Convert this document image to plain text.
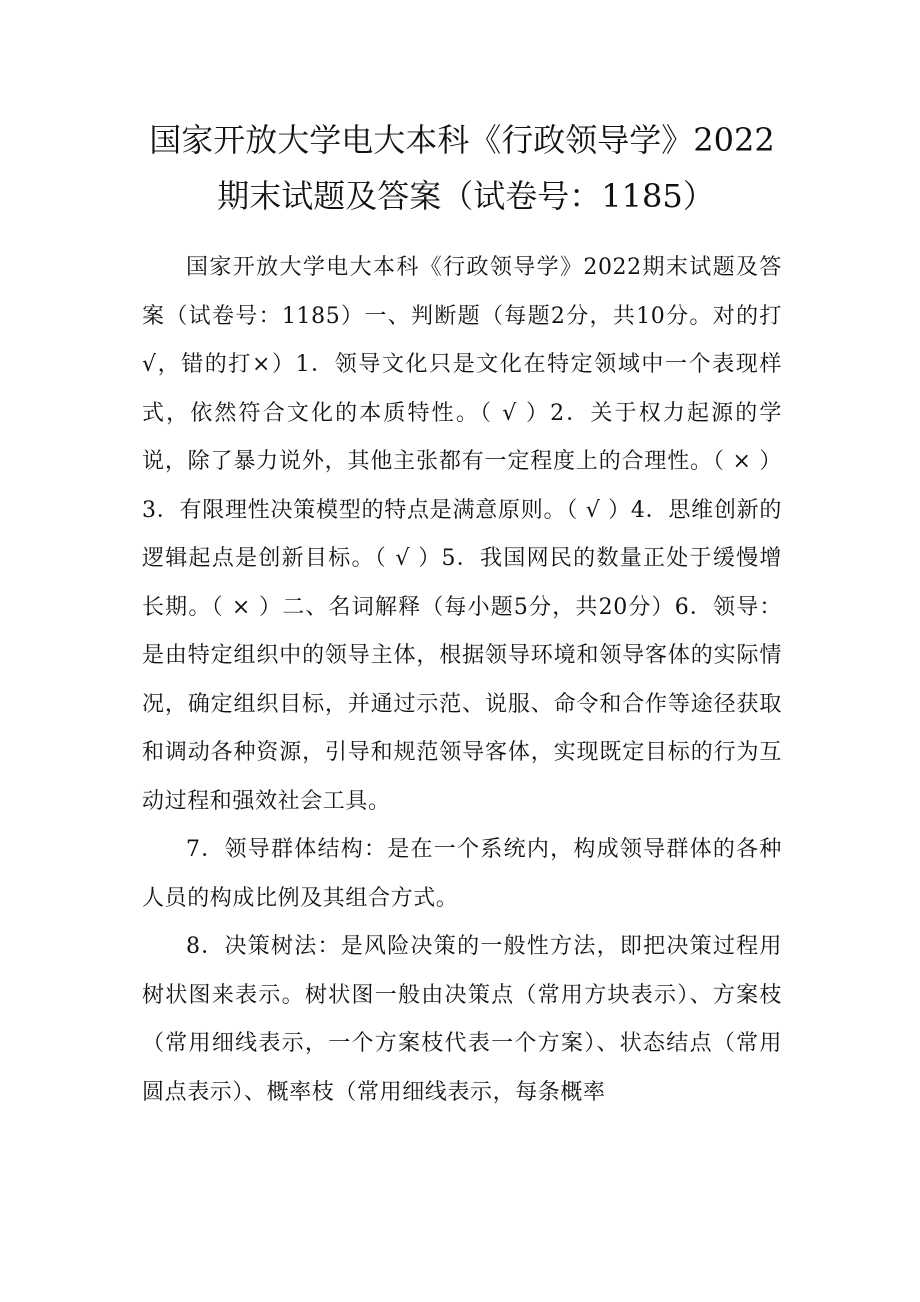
国家开放大学电大本科《行政领导学》2022
期末试题及答案（试卷号：1185）

国家开放大学电大本科《行政领导学》2022期末试题及答案（试卷号：1185）一、判断题（每题2分，共10分。对的打√，错的打×）1．领导文化只是文化在特定领域中一个表现样式，依然符合文化的本质特性。（ √ ）2．关于权力起源的学说，除了暴力说外，其他主张都有一定程度上的合理性。（ × ）3．有限理性决策模型的特点是满意原则。（ √ ）4．思维创新的逻辑起点是创新目标。（ √ ）5．我国网民的数量正处于缓慢增长期。（ × ）二、名词解释（每小题5分，共20分）6．领导：是由特定组织中的领导主体，根据领导环境和领导客体的实际情况，确定组织目标，并通过示范、说服、命令和合作等途径获取和调动各种资源，引导和规范领导客体，实现既定目标的行为互动过程和强效社会工具。

7．领导群体结构：是在一个系统内，构成领导群体的各种人员的构成比例及其组合方式。

8．决策树法：是风险决策的一般性方法，即把决策过程用树状图来表示。树状图一般由决策点（常用方块表示）、方案枝（常用细线表示，一个方案枝代表一个方案）、状态结点（常用圆点表示）、概率枝（常用细线表示，每条概率
